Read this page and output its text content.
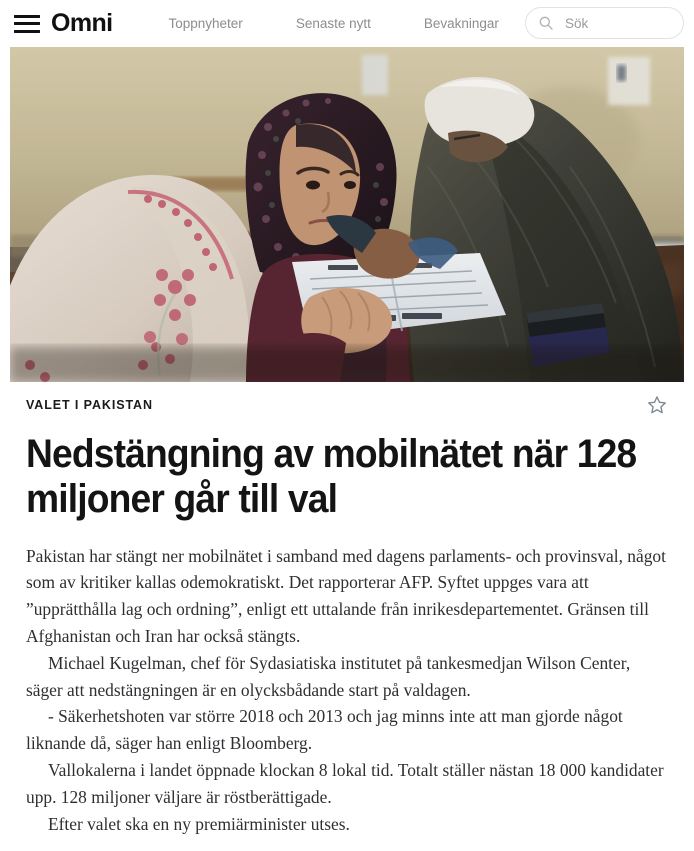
Omni	Toppnyheter	Senaste nytt	Bevakningar
Sök
VALET I PAKISTAN
Nedstängning av mobilnätet när 128 miljoner går till val

Pakistan har stängt ner mobilnätet i samband med dagens parlaments- och provinsval, något som av kritiker kallas odemokratiskt. Det rapporterar AFP. Syftet uppges vara att ”upprätthålla lag och ordning”, enligt ett uttalande från inrikesdepartementet. Gränsen till Afghanistan och Iran har också stängts.

Michael Kugelman, chef för Sydasiatiska institutet på tankesmedjan Wilson Center, säger att nedstängningen är en olycksbådande start på valdagen.

- Säkerhetshoten var större 2018 och 2013 och jag minns inte att man gjorde något liknande då, säger han enligt Bloomberg.

Vallokalerna i landet öppnade klockan 8 lokal tid. Totalt ställer nästan 18 000 kandidater upp. 128 miljoner väljare är röstberättigade.

Efter valet ska en ny premiärminister utses.
